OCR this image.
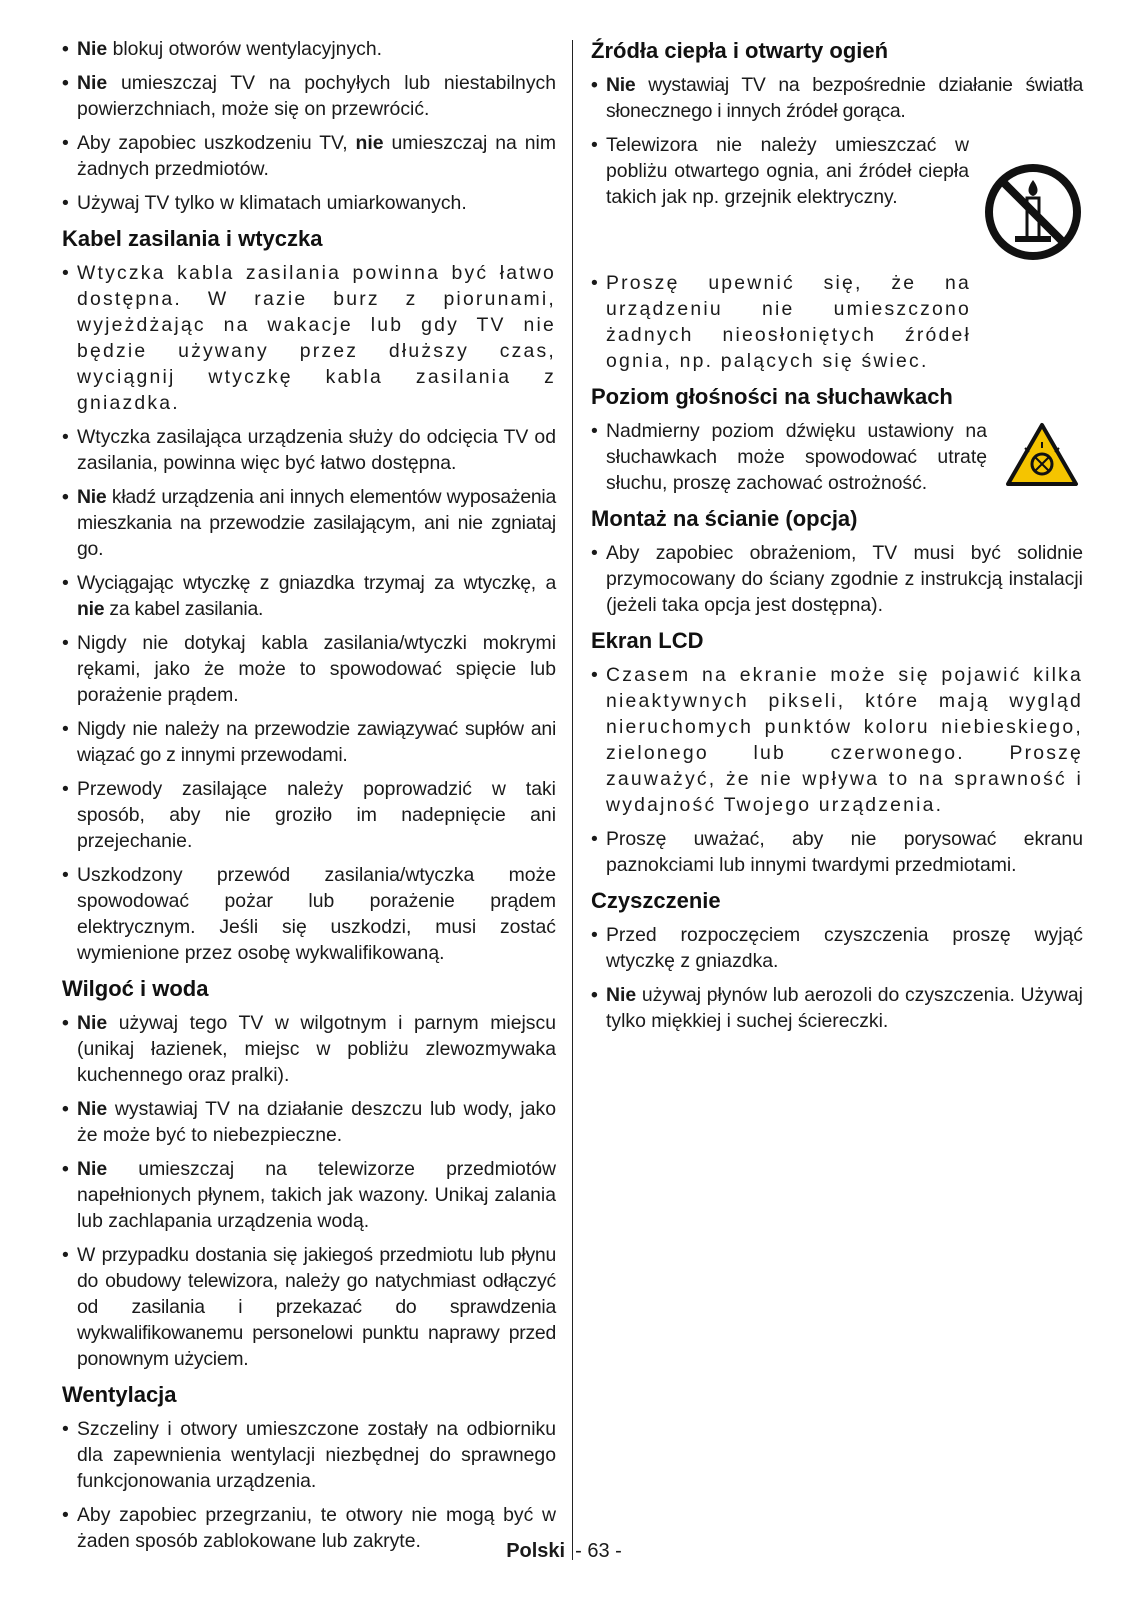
• Nie blokuj otworów wentylacyjnych.
• Nie umieszczaj TV na pochyłych lub niestabilnych powierzchniach, może się on przewrócić.
• Aby zapobiec uszkodzeniu TV, nie umieszczaj na nim żadnych przedmiotów.
• Używaj TV tylko w klimatach umiarkowanych.
Kabel zasilania i wtyczka
• Wtyczka kabla zasilania powinna być łatwo dostępna. W razie burz z piorunami, wyjeżdżając na wakacje lub gdy TV nie będzie używany przez dłuższy czas, wyciągnij wtyczkę kabla zasilania z gniazdka.
• Wtyczka zasilająca urządzenia służy do odcięcia TV od zasilania, powinna więc być łatwo dostępna.
• Nie kładź urządzenia ani innych elementów wyposażenia mieszkania na przewodzie zasilającym, ani nie zgniataj go.
• Wyciągając wtyczkę z gniazdka trzymaj za wtyczkę, a nie za kabel zasilania.
• Nigdy nie dotykaj kabla zasilania/wtyczki mokrymi rękami, jako że może to spowodować spięcie lub porażenie prądem.
• Nigdy nie należy na przewodzie zawiązywać supłów ani wiązać go z innymi przewodami.
• Przewody zasilające należy poprowadzić w taki sposób, aby nie groziło im nadepnięcie ani przejechanie.
• Uszkodzony przewód zasilania/wtyczka może spowodować pożar lub porażenie prądem elektrycznym. Jeśli się uszkodzi, musi zostać wymienione przez osobę wykwalifikowaną.
Wilgoć i woda
• Nie używaj tego TV w wilgotnym i parnym miejscu (unikaj łazienek, miejsc w pobliżu zlewozmywaka kuchennego oraz pralki).
• Nie wystawiaj TV na działanie deszczu lub wody, jako że może być to niebezpieczne.
• Nie umieszczaj na telewizorze przedmiotów napełnionych płynem, takich jak wazony. Unikaj zalania lub zachlapania urządzenia wodą.
• W przypadku dostania się jakiegoś przedmiotu lub płynu do obudowy telewizora, należy go natychmiast odłączyć od zasilania i przekazać do sprawdzenia wykwalifikowanemu personelowi punktu naprawy przed ponownym użyciem.
Wentylacja
• Szczeliny i otwory umieszczone zostały na odbiorniku dla zapewnienia wentylacji niezbędnej do sprawnego funkcjonowania urządzenia.
• Aby zapobiec przegrzaniu, te otwory nie mogą być w żaden sposób zablokowane lub zakryte.
Źródła ciepła i otwarty ogień
• Nie wystawiaj TV na bezpośrednie działanie światła słonecznego i innych źródeł gorąca.
• Telewizora nie należy umieszczać w pobliżu otwartego ognia, ani źródeł ciepła takich jak np. grzejnik elektryczny.
• Proszę upewnić się, że na urządzeniu nie umieszczono żadnych nieosłoniętych źródeł ognia, np. palących się świec.
Poziom głośności na słuchawkach
• Nadmierny poziom dźwięku ustawiony na słuchawkach może spowodować utratę słuchu, proszę zachować ostrożność.
Montaż na ścianie (opcja)
• Aby zapobiec obrażeniom, TV musi być solidnie przymocowany do ściany zgodnie z instrukcją instalacji (jeżeli taka opcja jest dostępna).
Ekran LCD
• Czasem na ekranie może się pojawić kilka nieaktywnych pikseli, które mają wygląd nieruchomych punktów koloru niebieskiego, zielonego lub czerwonego. Proszę zauważyć, że nie wpływa to na sprawność i wydajność Twojego urządzenia.
• Proszę uważać, aby nie porysować ekranu paznokciami lub innymi twardymi przedmiotami.
Czyszczenie
• Przed rozpoczęciem czyszczenia proszę wyjąć wtyczkę z gniazdka.
• Nie używaj płynów lub aerozoli do czyszczenia. Używaj tylko miękkiej i suchej ściereczki.
Polski - 63 -
